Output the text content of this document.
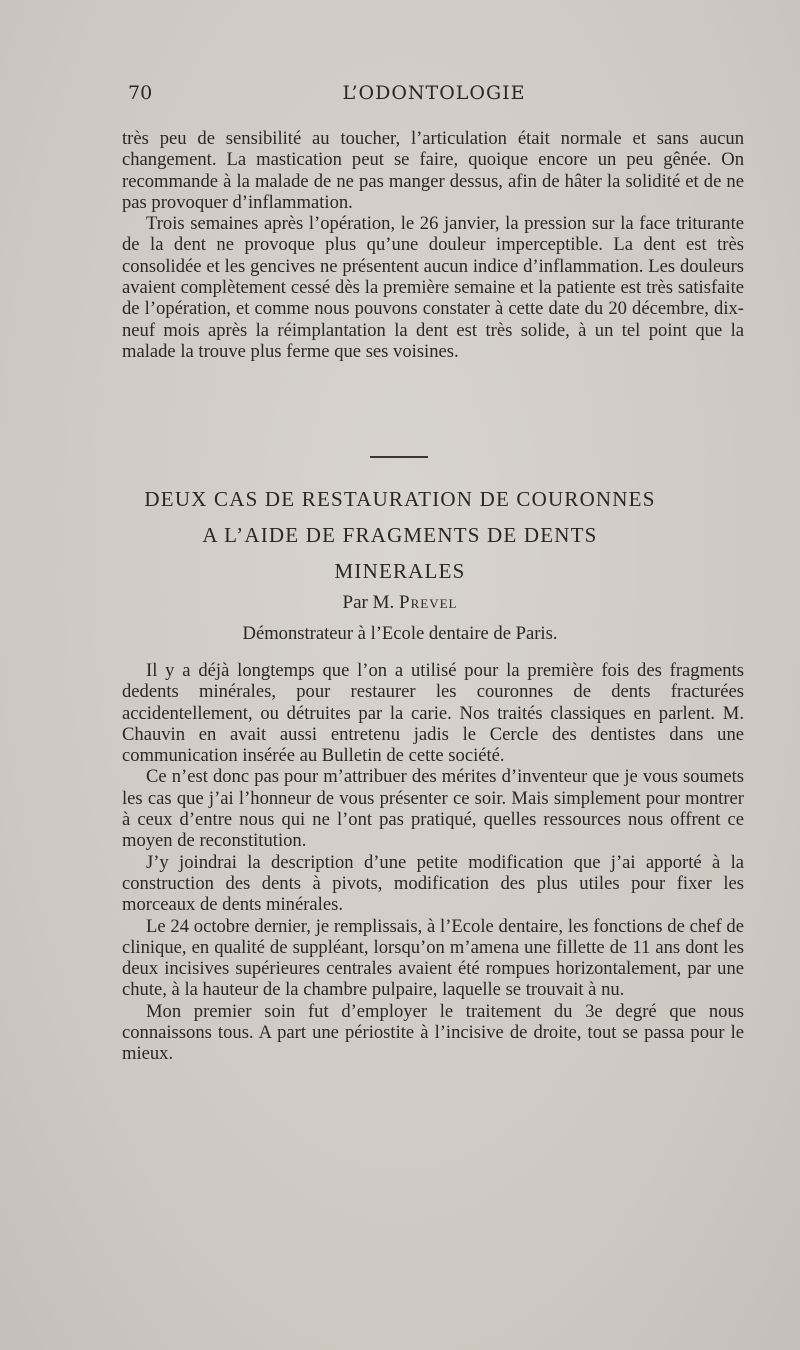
70	L’ODONTOLOGIE

très peu de sensibilité au toucher, l’articulation était normale et sans aucun changement. La mastication peut se faire, quoique encore un peu gênée. On recommande à la malade de ne pas manger dessus, afin de hâter la solidité et de ne pas provoquer d’inflammation.

Trois semaines après l’opération, le 26 janvier, la pression sur la face triturante de la dent ne provoque plus qu’une douleur imperceptible. La dent est très consolidée et les gencives ne présentent aucun indice d’inflammation. Les douleurs avaient complètement cessé dès la première semaine et la patiente est très satisfaite de l’opération, et comme nous pouvons constater à cette date du 20 décembre, dix-neuf mois après la réimplantation la dent est très solide, à un tel point que la malade la trouve plus ferme que ses voisines.

DEUX CAS DE RESTAURATION DE COURONNES
A L’AIDE DE FRAGMENTS DE DENTS
MINERALES
Par M. Prevel
Démonstrateur à l’Ecole dentaire de Paris.

Il y a déjà longtemps que l’on a utilisé pour la première fois des fragments dedents minérales, pour restaurer les couronnes de dents fracturées accidentellement, ou détruites par la carie. Nos traités classiques en parlent. M. Chauvin en avait aussi entretenu jadis le Cercle des dentistes dans une communication insérée au Bulletin de cette société.

Ce n’est donc pas pour m’attribuer des mérites d’inventeur que je vous soumets les cas que j’ai l’honneur de vous présenter ce soir. Mais simplement pour montrer à ceux d’entre nous qui ne l’ont pas pratiqué, quelles ressources nous offrent ce moyen de reconstitution.

J’y joindrai la description d’une petite modification que j’ai apporté à la construction des dents à pivots, modification des plus utiles pour fixer les morceaux de dents minérales.

Le 24 octobre dernier, je remplissais, à l’Ecole dentaire, les fonctions de chef de clinique, en qualité de suppléant, lorsqu’on m’amena une fillette de 11 ans dont les deux incisives supérieures centrales avaient été rompues horizontalement, par une chute, à la hauteur de la chambre pulpaire, laquelle se trouvait à nu.

Mon premier soin fut d’employer le traitement du 3e degré que nous connaissons tous. A part une périostite à l’incisive de droite, tout se passa pour le mieux.
